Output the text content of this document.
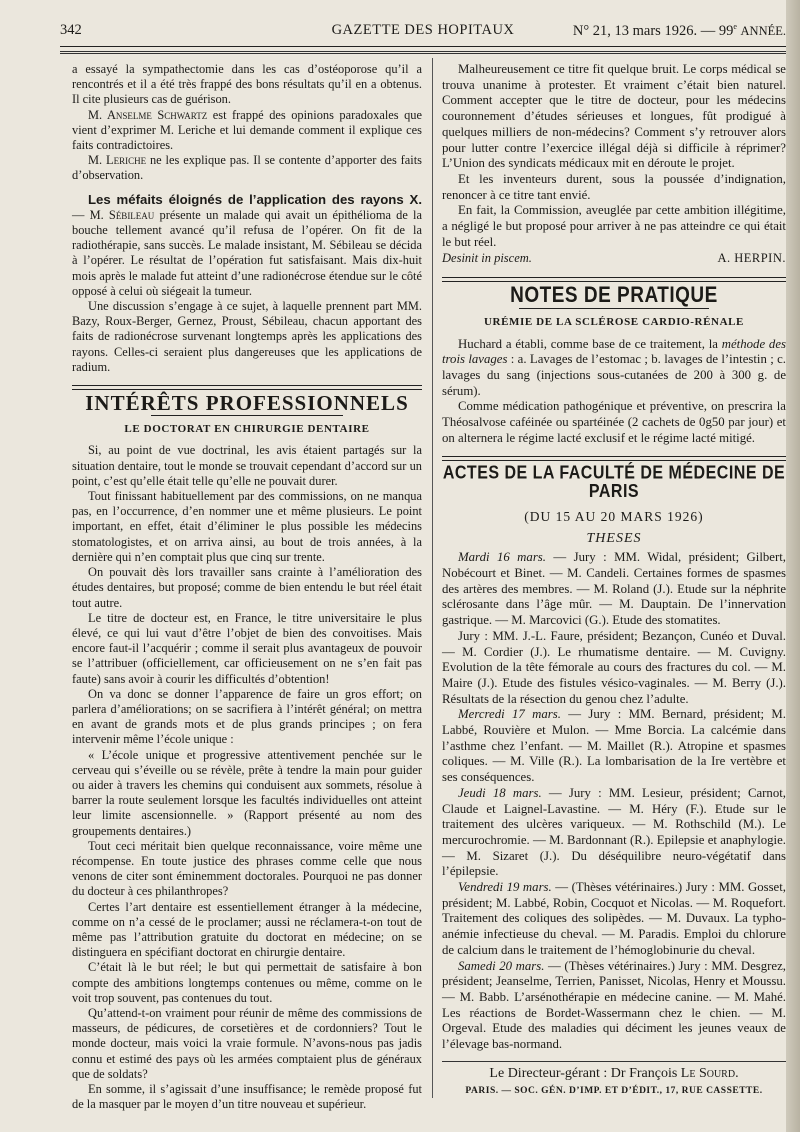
342	GAZETTE DES HOPITAUX	N° 21, 13 mars 1926. — 99e ANNÉE.

a essayé la sympathectomie dans les cas d’ostéoporose qu’il a rencontrés et il a été très frappé des bons résultats qu’il en a obtenus. Il cite plusieurs cas de guérison.

M. Anselme Schwartz est frappé des opinions paradoxales que vient d’exprimer M. Leriche et lui demande comment il explique ces faits contradictoires.

M. Leriche ne les explique pas. Il se contente d’apporter des faits d’observation.

Les méfaits éloignés de l’application des rayons X. — M. Sébileau présente un malade qui avait un épithélioma de la bouche tellement avancé qu’il refusa de l’opérer. On fit de la radiothérapie, sans succès. Le malade insistant, M. Sébileau se décida à l’opérer. Le résultat de l’opération fut satisfaisant. Mais dix-huit mois après le malade fut atteint d’une radionécrose étendue sur le côté opposé à celui où siégeait la tumeur.

Une discussion s’engage à ce sujet, à laquelle prennent part MM. Bazy, Roux-Berger, Gernez, Proust, Sébileau, chacun apportant des faits de radionécrose survenant longtemps après les applications des rayons. Celles-ci seraient plus dangereuses que les applications de radium.

INTÉRÊTS PROFESSIONNELS
LE DOCTORAT EN CHIRURGIE DENTAIRE

Si, au point de vue doctrinal, les avis étaient partagés sur la situation dentaire, tout le monde se trouvait cependant d’accord sur un point, c’est qu’elle était telle qu’elle ne pouvait durer.

Tout finissant habituellement par des commissions, on ne manqua pas, en l’occurrence, d’en nommer une et même plusieurs. Le point important, en effet, était d’éliminer le plus possible les médecins stomatologistes, et on arriva ainsi, au bout de trois années, à la dernière qui n’en comptait plus que cinq sur trente.

On pouvait dès lors travailler sans crainte à l’amélioration des études dentaires, but proposé; comme de bien entendu le but réel était tout autre.

Le titre de docteur est, en France, le titre universitaire le plus élevé, ce qui lui vaut d’être l’objet de bien des convoitises. Mais encore faut-il l’acquérir ; comme il serait plus avantageux de pouvoir se l’attribuer (officiellement, car officieusement on ne s’en fait pas faute) sans avoir à courir les difficultés d’obtention!

On va donc se donner l’apparence de faire un gros effort; on parlera d’améliorations; on se sacrifiera à l’intérêt général; on mettra en avant de grands mots et de plus grands principes ; on fera intervenir même l’école unique :

« L’école unique et progressive attentivement penchée sur le cerveau qui s’éveille ou se révèle, prête à tendre la main pour guider ou aider à travers les chemins qui conduisent aux sommets, résolue à barrer la route seulement lorsque les facultés individuelles ont atteint leur limite ascensionnelle. » (Rapport présenté au nom des groupements dentaires.)

Tout ceci méritait bien quelque reconnaissance, voire même une récompense. En toute justice des phrases comme celle que nous venons de citer sont éminemment doctorales. Pourquoi ne pas donner du docteur à ces philanthropes?

Certes l’art dentaire est essentiellement étranger à la médecine, comme on n’a cessé de le proclamer; aussi ne réclamera-t-on tout de même pas l’attribution gratuite du doctorat en médecine; on se distinguera en spécifiant doctorat en chirurgie dentaire.

C’était là le but réel; le but qui permettait de satisfaire à bon compte des ambitions longtemps contenues ou même, comme on le voit trop souvent, pas contenues du tout.

Qu’attend-t-on vraiment pour réunir de même des commissions de masseurs, de pédicures, de corsetières et de cordonniers? Tout le monde docteur, mais voici la vraie formule. N’avons-nous pas jadis connu et estimé des pays où les armées comptaient plus de généraux que de soldats?

En somme, il s’agissait d’une insuffisance; le remède proposé fut de la masquer par le moyen d’un titre nouveau et supérieur.

Malheureusement ce titre fit quelque bruit. Le corps médical se trouva unanime à protester. Et vraiment c’était bien naturel. Comment accepter que le titre de docteur, pour les médecins couronnement d’études sérieuses et longues, fût prodigué à quelques milliers de non-médecins? Comment s’y retrouver alors pour lutter contre l’exercice illégal déjà si difficile à réprimer? L’Union des syndicats médicaux mit en déroute le projet.

Et les inventeurs durent, sous la poussée d’indignation, renoncer à ce titre tant envié.

En fait, la Commission, aveuglée par cette ambition illégitime, a négligé le but proposé pour arriver à ne pas atteindre ce qui était le but réel.

Desinit in piscem.	A. HERPIN.
NOTES DE PRATIQUE
URÉMIE DE LA SCLÉROSE CARDIO-RÉNALE

Huchard a établi, comme base de ce traitement, la méthode des trois lavages : a. Lavages de l’estomac ; b. lavages de l’intestin ; c. lavages du sang (injections sous-cutanées de 200 à 300 g. de sérum).

Comme médication pathogénique et préventive, on prescrira la Théosalvose caféinée ou spartéinée (2 cachets de 0g50 par jour) et on alternera le régime lacté exclusif et le régime lacté mitigé.

ACTES DE LA FACULTÉ DE MÉDECINE DE PARIS
(DU 15 AU 20 MARS 1926)
THESES

Mardi 16 mars. — Jury : MM. Widal, président; Gilbert, Nobécourt et Binet. — M. Candeli. Certaines formes de spasmes des artères des membres. — M. Roland (J.). Etude sur la néphrite sclérosante dans l’âge mûr. — M. Dauptain. De l’innervation gastrique. — M. Marcovici (G.). Etude des stomatites.

Jury : MM. J.-L. Faure, président; Bezançon, Cunéo et Duval. — M. Cordier (J.). Le rhumatisme dentaire. — M. Cuvigny. Evolution de la tête fémorale au cours des fractures du col. — M. Maire (J.). Etude des fistules vésico-vaginales. — M. Berry (J.). Résultats de la résection du genou chez l’adulte.

Mercredi 17 mars. — Jury : MM. Bernard, président; M. Labbé, Rouvière et Mulon. — Mme Borcia. La calcémie dans l’asthme chez l’enfant. — M. Maillet (R.). Atropine et spasmes coliques. — M. Ville (R.). La lombarisation de la Ire vertèbre et ses conséquences.

Jeudi 18 mars. — Jury : MM. Lesieur, président; Carnot, Claude et Laignel-Lavastine. — M. Héry (F.). Etude sur le traitement des ulcères variqueux. — M. Rothschild (M.). Le mercurochromie. — M. Bardonnant (R.). Epilepsie et anaphylogie. — M. Sizaret (J.). Du déséquilibre neuro-végétatif dans l’épilepsie.

Vendredi 19 mars. — (Thèses vétérinaires.) Jury : MM. Gosset, président; M. Labbé, Robin, Cocquot et Nicolas. — M. Roquefort. Traitement des coliques des solipèdes. — M. Duvaux. La typho-anémie infectieuse du cheval. — M. Paradis. Emploi du chlorure de calcium dans le traitement de l’hémoglobinurie du cheval.

Samedi 20 mars. — (Thèses vétérinaires.) Jury : MM. Desgrez, président; Jeanselme, Terrien, Panisset, Nicolas, Henry et Moussu. — M. Babb. L’arsénothérapie en médecine canine. — M. Mahé. Les réactions de Bordet-Wassermann chez le chien. — M. Orgeval. Etude des maladies qui déciment les jeunes veaux de l’élevage bas-normand.

Le Directeur-gérant : Dr François Le Sourd.
PARIS. — SOC. GÉN. D’IMP. ET D’ÉDIT., 17, RUE CASSETTE.
